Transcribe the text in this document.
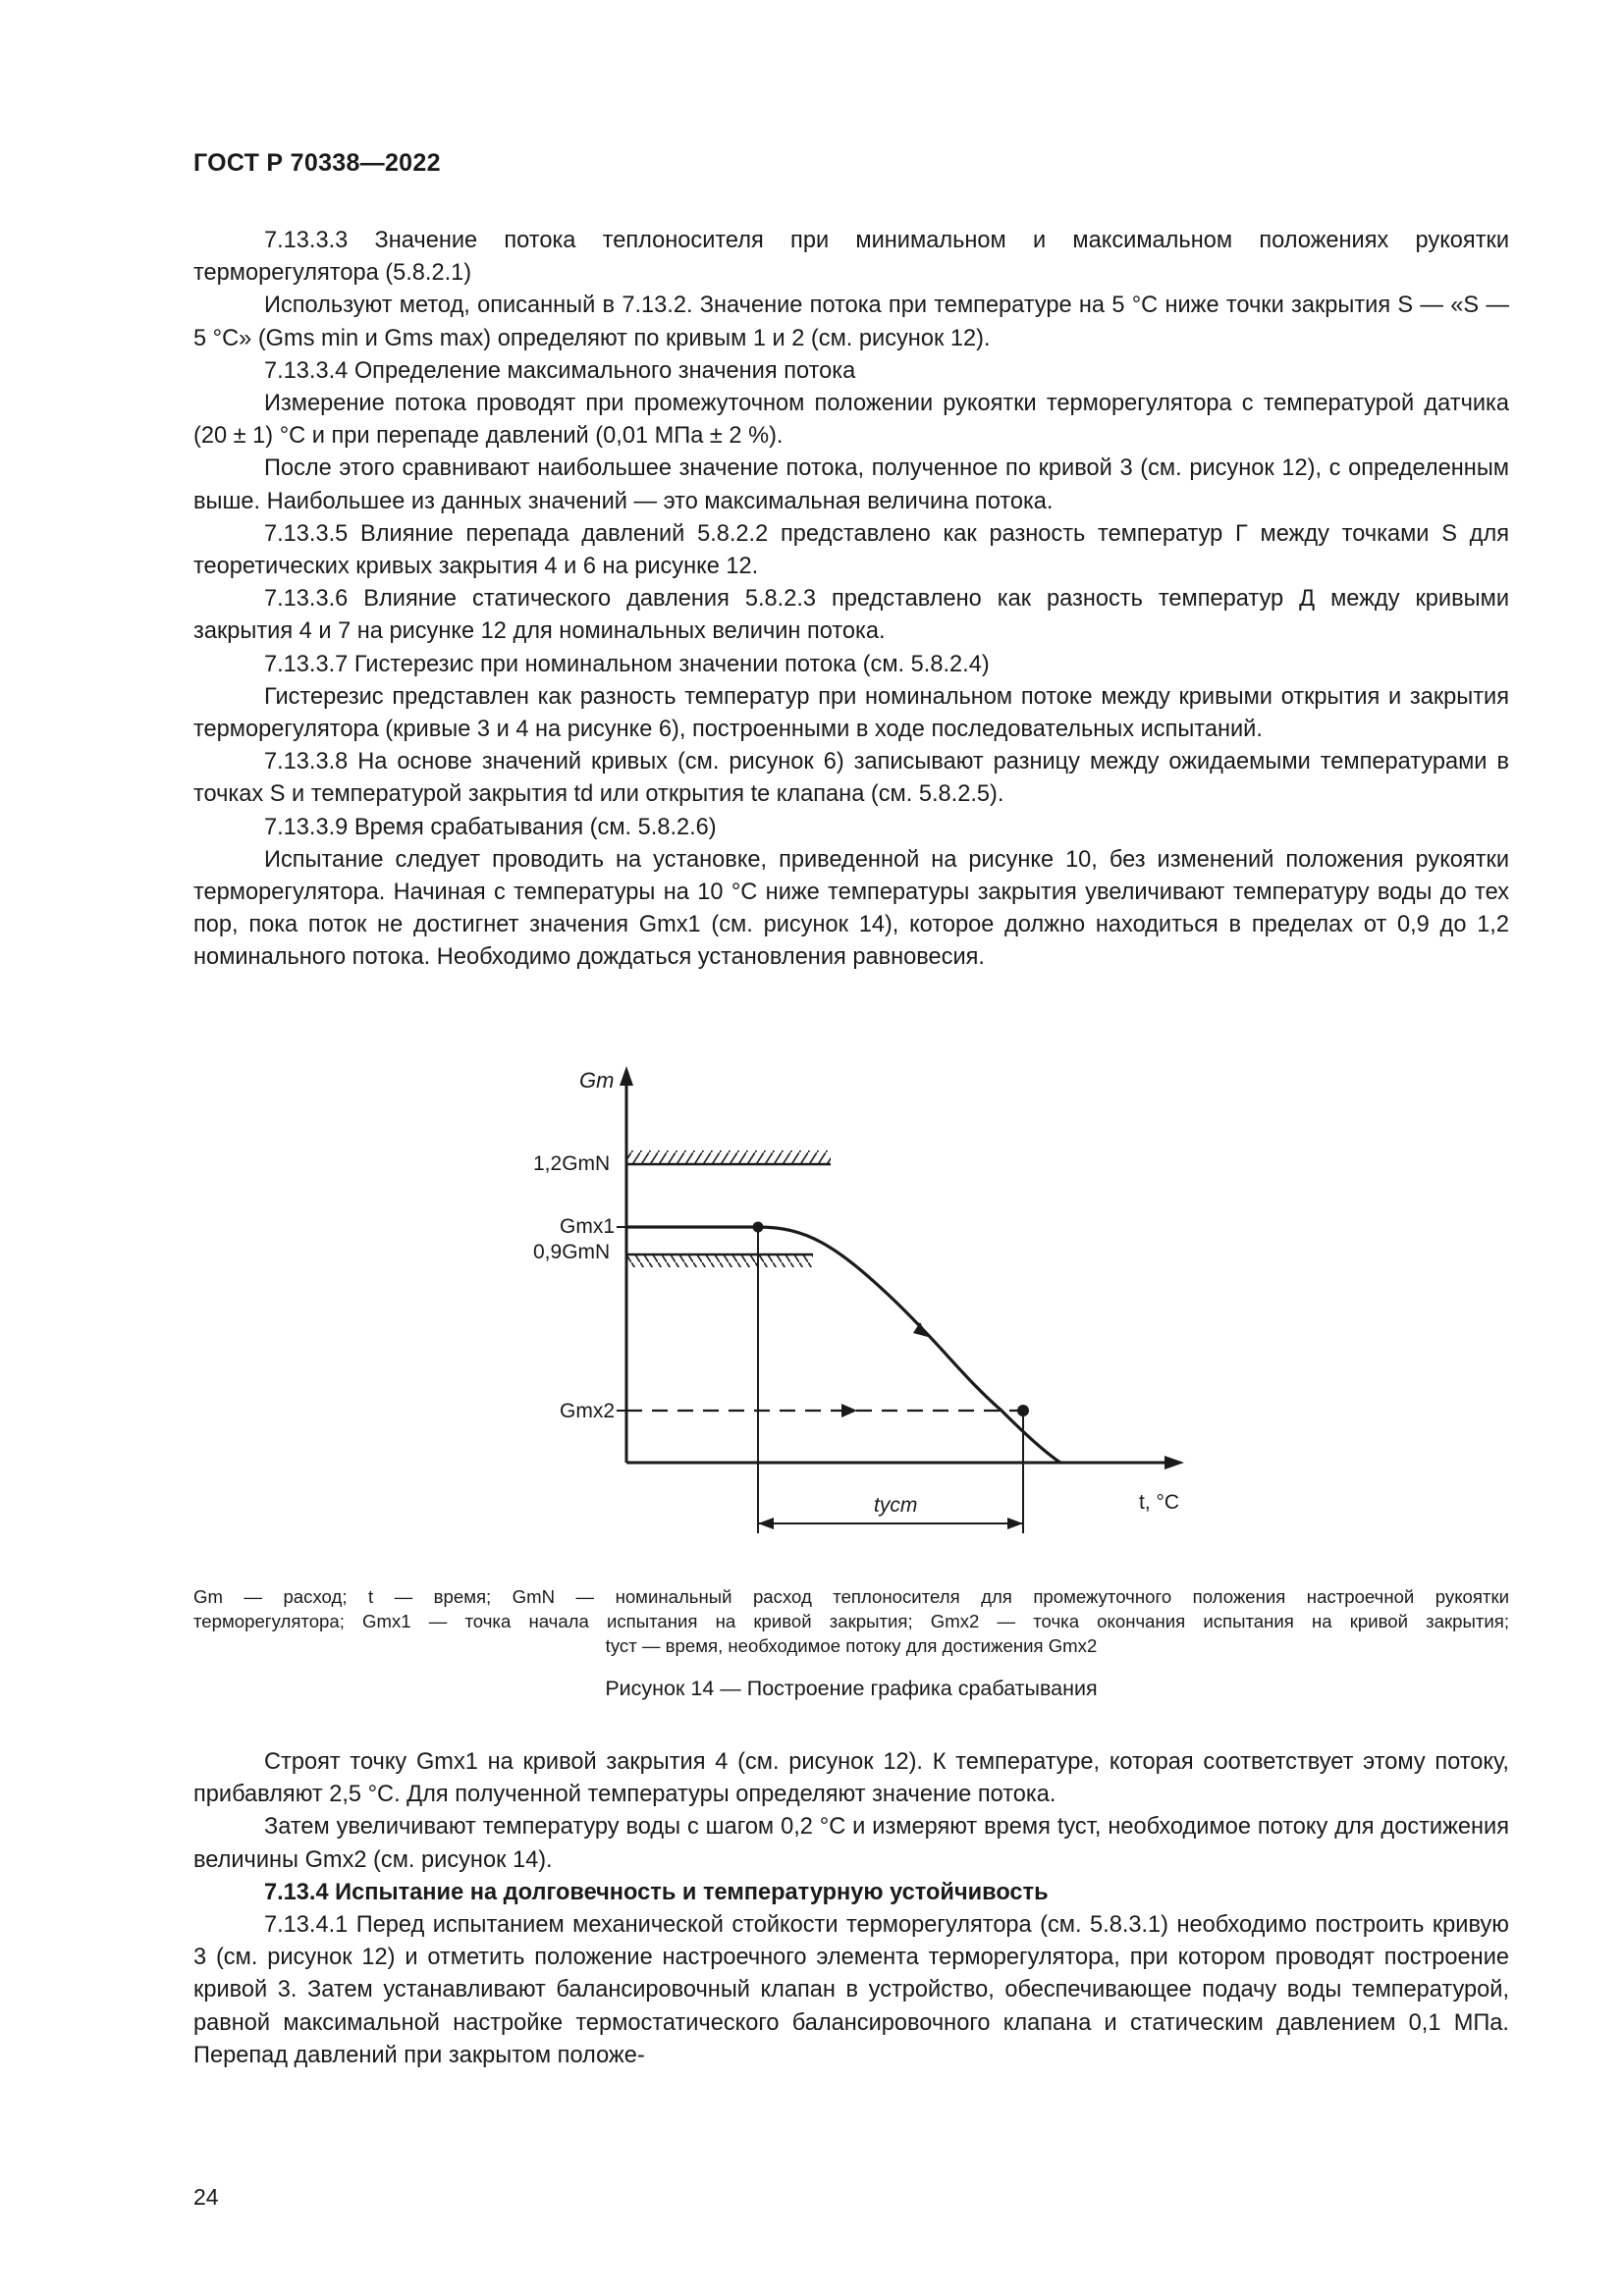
ГОСТ Р 70338—2022

7.13.3.3 Значение потока теплоносителя при минимальном и максимальном положениях рукоятки терморегулятора (5.8.2.1)

Используют метод, описанный в 7.13.2. Значение потока при температуре на 5 °C ниже точки закрытия S — «S — 5 °C» (Gms min и Gms max) определяют по кривым 1 и 2 (см. рисунок 12).

7.13.3.4 Определение максимального значения потока

Измерение потока проводят при промежуточном положении рукоятки терморегулятора с температурой датчика (20 ± 1) °C и при перепаде давлений (0,01 МПа ± 2 %).

После этого сравнивают наибольшее значение потока, полученное по кривой 3 (см. рисунок 12), с определенным выше. Наибольшее из данных значений — это максимальная величина потока.

7.13.3.5 Влияние перепада давлений 5.8.2.2 представлено как разность температур Г между точками S для теоретических кривых закрытия 4 и 6 на рисунке 12.

7.13.3.6 Влияние статического давления 5.8.2.3 представлено как разность температур Д между кривыми закрытия 4 и 7 на рисунке 12 для номинальных величин потока.

7.13.3.7 Гистерезис при номинальном значении потока (см. 5.8.2.4)

Гистерезис представлен как разность температур при номинальном потоке между кривыми открытия и закрытия терморегулятора (кривые 3 и 4 на рисунке 6), построенными в ходе последовательных испытаний.

7.13.3.8 На основе значений кривых (см. рисунок 6) записывают разницу между ожидаемыми температурами в точках S и температурой закрытия td или открытия te клапана (см. 5.8.2.5).

7.13.3.9 Время срабатывания (см. 5.8.2.6)

Испытание следует проводить на установке, приведенной на рисунке 10, без изменений положения рукоятки терморегулятора. Начиная с температуры на 10 °C ниже температуры закрытия увеличивают температуру воды до тех пор, пока поток не достигнет значения Gmx1 (см. рисунок 14), которое должно находиться в пределах от 0,9 до 1,2 номинального потока. Необходимо дождаться установления равновесия.

Gm
1,2GmN
Gmx1
0,9GmN
Gmx2
t, °C
tуст
Gm — расход; t — время; GmN — номинальный расход теплоносителя для промежуточного положения настроечной рукоятки
терморегулятора; Gmx1 — точка начала испытания на кривой закрытия; Gmx2 — точка окончания испытания на кривой закрытия;
tуст — время, необходимое потоку для достижения Gmx2
Рисунок 14 — Построение графика срабатывания

Строят точку Gmx1 на кривой закрытия 4 (см. рисунок 12). К температуре, которая соответствует этому потоку, прибавляют 2,5 °C. Для полученной температуры определяют значение потока.

Затем увеличивают температуру воды с шагом 0,2 °C и измеряют время tуст, необходимое потоку для достижения величины Gmx2 (см. рисунок 14).

7.13.4 Испытание на долговечность и температурную устойчивость

7.13.4.1 Перед испытанием механической стойкости терморегулятора (см. 5.8.3.1) необходимо построить кривую 3 (см. рисунок 12) и отметить положение настроечного элемента терморегулятора, при котором проводят построение кривой 3. Затем устанавливают балансировочный клапан в устройство, обеспечивающее подачу воды температурой, равной максимальной настройке термостатического балансировочного клапана и статическим давлением 0,1 МПа. Перепад давлений при закрытом положе-

24
